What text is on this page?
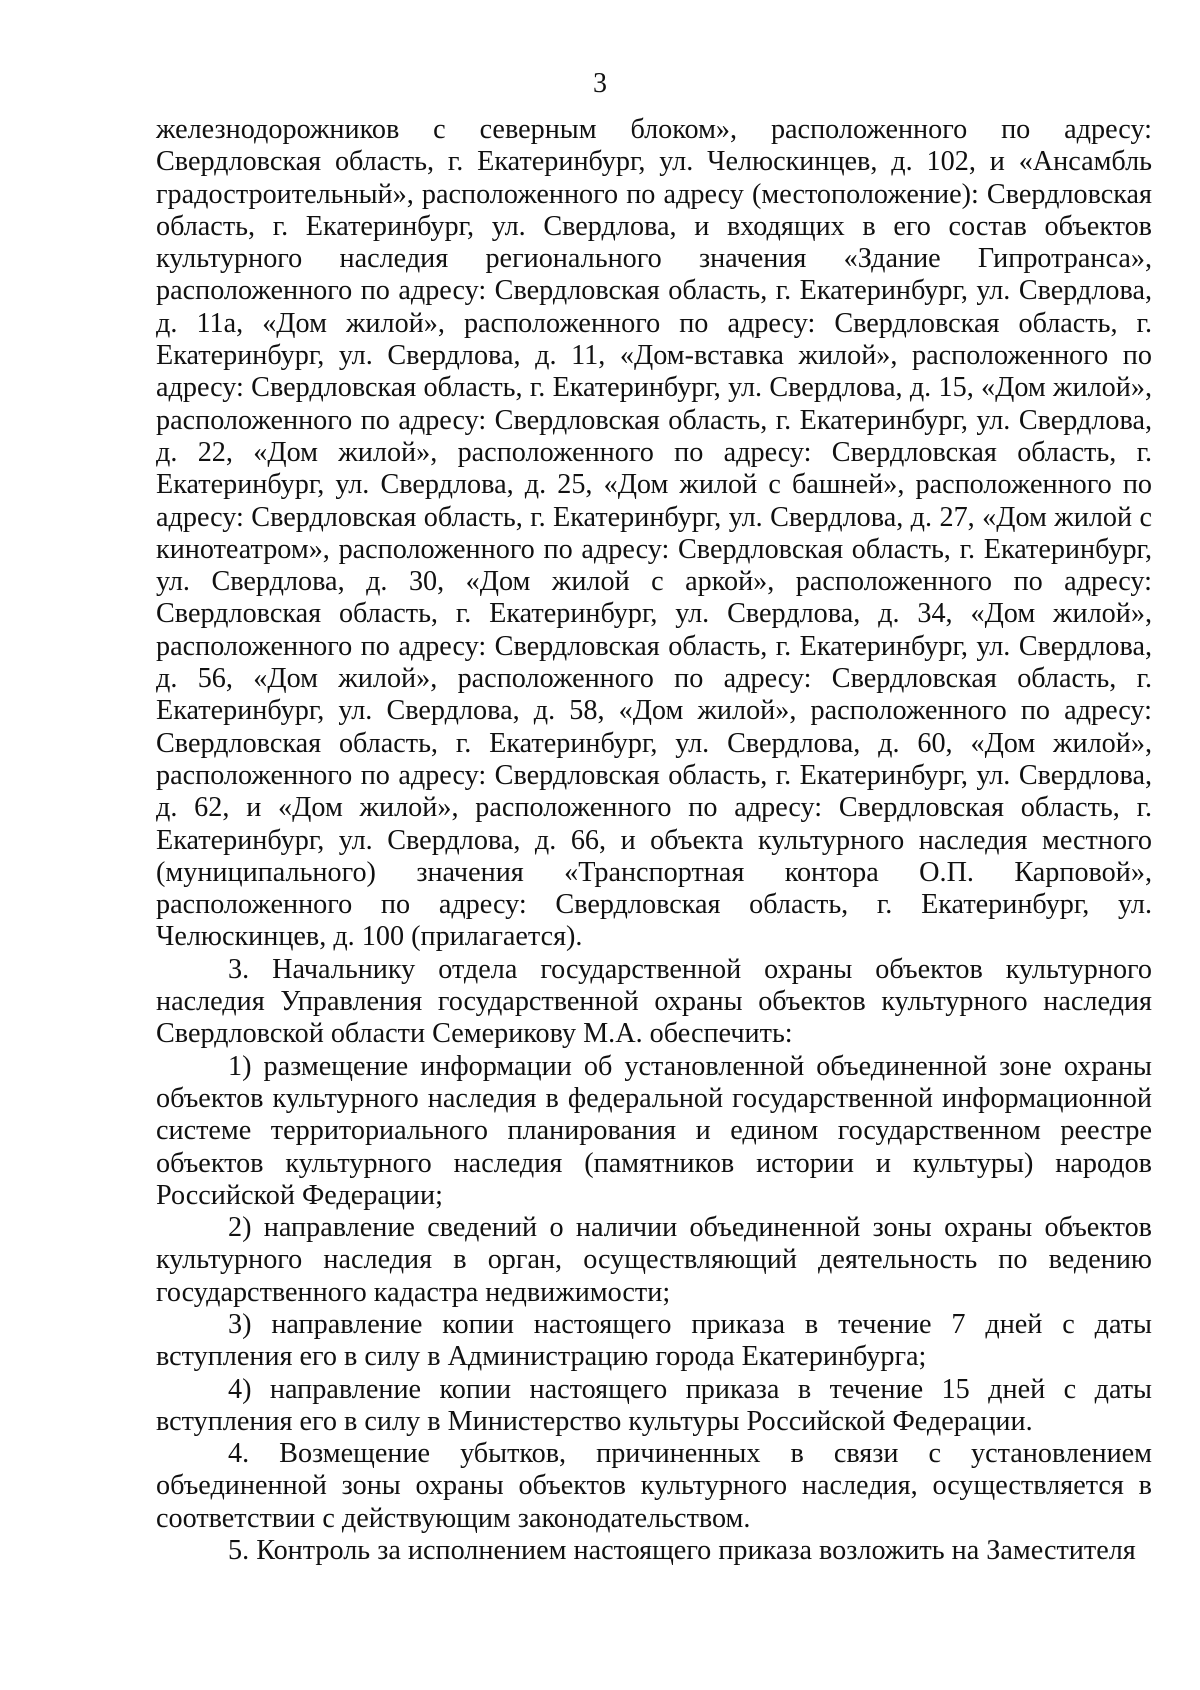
3

железнодорожников с северным блоком», расположенного по адресу: Свердловская область, г. Екатеринбург, ул. Челюскинцев, д. 102, и «Ансамбль градостроительный», расположенного по адресу (местоположение): Свердловская область, г. Екатеринбург, ул. Свердлова, и входящих в его состав объектов культурного наследия регионального значения «Здание Гипротранса», расположенного по адресу: Свердловская область, г. Екатеринбург, ул. Свердлова, д. 11а, «Дом жилой», расположенного по адресу: Свердловская область, г. Екатеринбург, ул. Свердлова, д. 11, «Дом-вставка жилой», расположенного по адресу: Свердловская область, г. Екатеринбург, ул. Свердлова, д. 15, «Дом жилой», расположенного по адресу: Свердловская область, г. Екатеринбург, ул. Свердлова, д. 22, «Дом жилой», расположенного по адресу: Свердловская область, г. Екатеринбург, ул. Свердлова, д. 25, «Дом жилой с башней», расположенного по адресу: Свердловская область, г. Екатеринбург, ул. Свердлова, д. 27, «Дом жилой с кинотеатром», расположенного по адресу: Свердловская область, г. Екатеринбург, ул. Свердлова, д. 30, «Дом жилой с аркой», расположенного по адресу: Свердловская область, г. Екатеринбург, ул. Свердлова, д. 34, «Дом жилой», расположенного по адресу: Свердловская область, г. Екатеринбург, ул. Свердлова, д. 56, «Дом жилой», расположенного по адресу: Свердловская область, г. Екатеринбург, ул. Свердлова, д. 58, «Дом жилой», расположенного по адресу: Свердловская область, г. Екатеринбург, ул. Свердлова, д. 60, «Дом жилой», расположенного по адресу: Свердловская область, г. Екатеринбург, ул. Свердлова, д. 62, и «Дом жилой», расположенного по адресу: Свердловская область, г. Екатеринбург, ул. Свердлова, д. 66, и объекта культурного наследия местного (муниципального) значения «Транспортная контора О.П. Карповой», расположенного по адресу: Свердловская область, г. Екатеринбург, ул. Челюскинцев, д. 100 (прилагается).

3. Начальнику отдела государственной охраны объектов культурного наследия Управления государственной охраны объектов культурного наследия Свердловской области Семерикову М.А. обеспечить:

1) размещение информации об установленной объединенной зоне охраны объектов культурного наследия в федеральной государственной информационной системе территориального планирования и едином государственном реестре объектов культурного наследия (памятников истории и культуры) народов Российской Федерации;

2) направление сведений о наличии объединенной зоны охраны объектов культурного наследия в орган, осуществляющий деятельность по ведению государственного кадастра недвижимости;

3) направление копии настоящего приказа в течение 7 дней с даты вступления его в силу в Администрацию города Екатеринбурга;

4) направление копии настоящего приказа в течение 15 дней с даты вступления его в силу в Министерство культуры Российской Федерации.

4. Возмещение убытков, причиненных в связи с установлением объединенной зоны охраны объектов культурного наследия, осуществляется в соответствии с действующим законодательством.

5. Контроль за исполнением настоящего приказа возложить на Заместителя
